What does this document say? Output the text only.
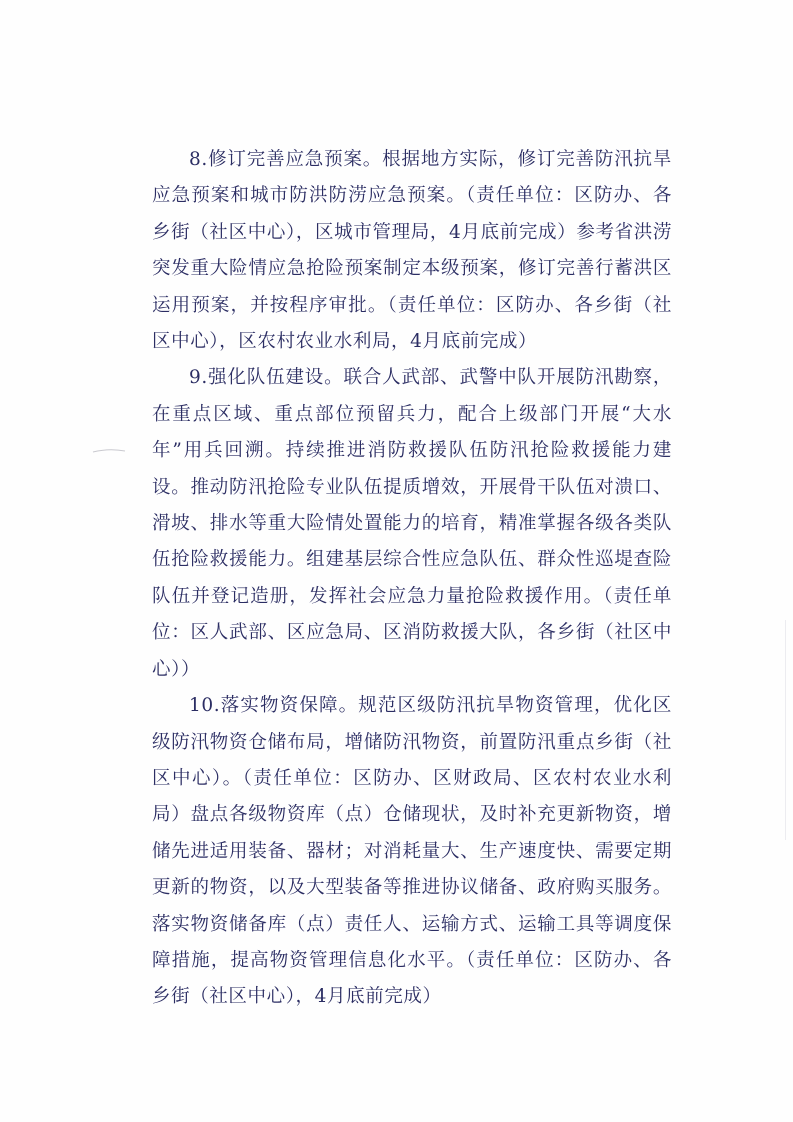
8.修订完善应急预案。根据地方实际，修订完善防汛抗旱应急预案和城市防洪防涝应急预案。（责任单位：区防办、各乡街（社区中心），区城市管理局，4月底前完成）参考省洪涝突发重大险情应急抢险预案制定本级预案，修订完善行蓄洪区运用预案，并按程序审批。（责任单位：区防办、各乡街（社区中心），区农村农业水利局，4月底前完成）

9.强化队伍建设。联合人武部、武警中队开展防汛勘察，在重点区域、重点部位预留兵力，配合上级部门开展“大水年”用兵回溯。持续推进消防救援队伍防汛抢险救援能力建设。推动防汛抢险专业队伍提质增效，开展骨干队伍对溃口、滑坡、排水等重大险情处置能力的培育，精准掌握各级各类队伍抢险救援能力。组建基层综合性应急队伍、群众性巡堤查险队伍并登记造册，发挥社会应急力量抢险救援作用。（责任单位：区人武部、区应急局、区消防救援大队，各乡街（社区中心））

10.落实物资保障。规范区级防汛抗旱物资管理，优化区级防汛物资仓储布局，增储防汛物资，前置防汛重点乡街（社区中心）。（责任单位：区防办、区财政局、区农村农业水利局）盘点各级物资库（点）仓储现状，及时补充更新物资，增储先进适用装备、器材；对消耗量大、生产速度快、需要定期更新的物资，以及大型装备等推进协议储备、政府购买服务。落实物资储备库（点）责任人、运输方式、运输工具等调度保障措施，提高物资管理信息化水平。（责任单位：区防办、各乡街（社区中心），4月底前完成）
